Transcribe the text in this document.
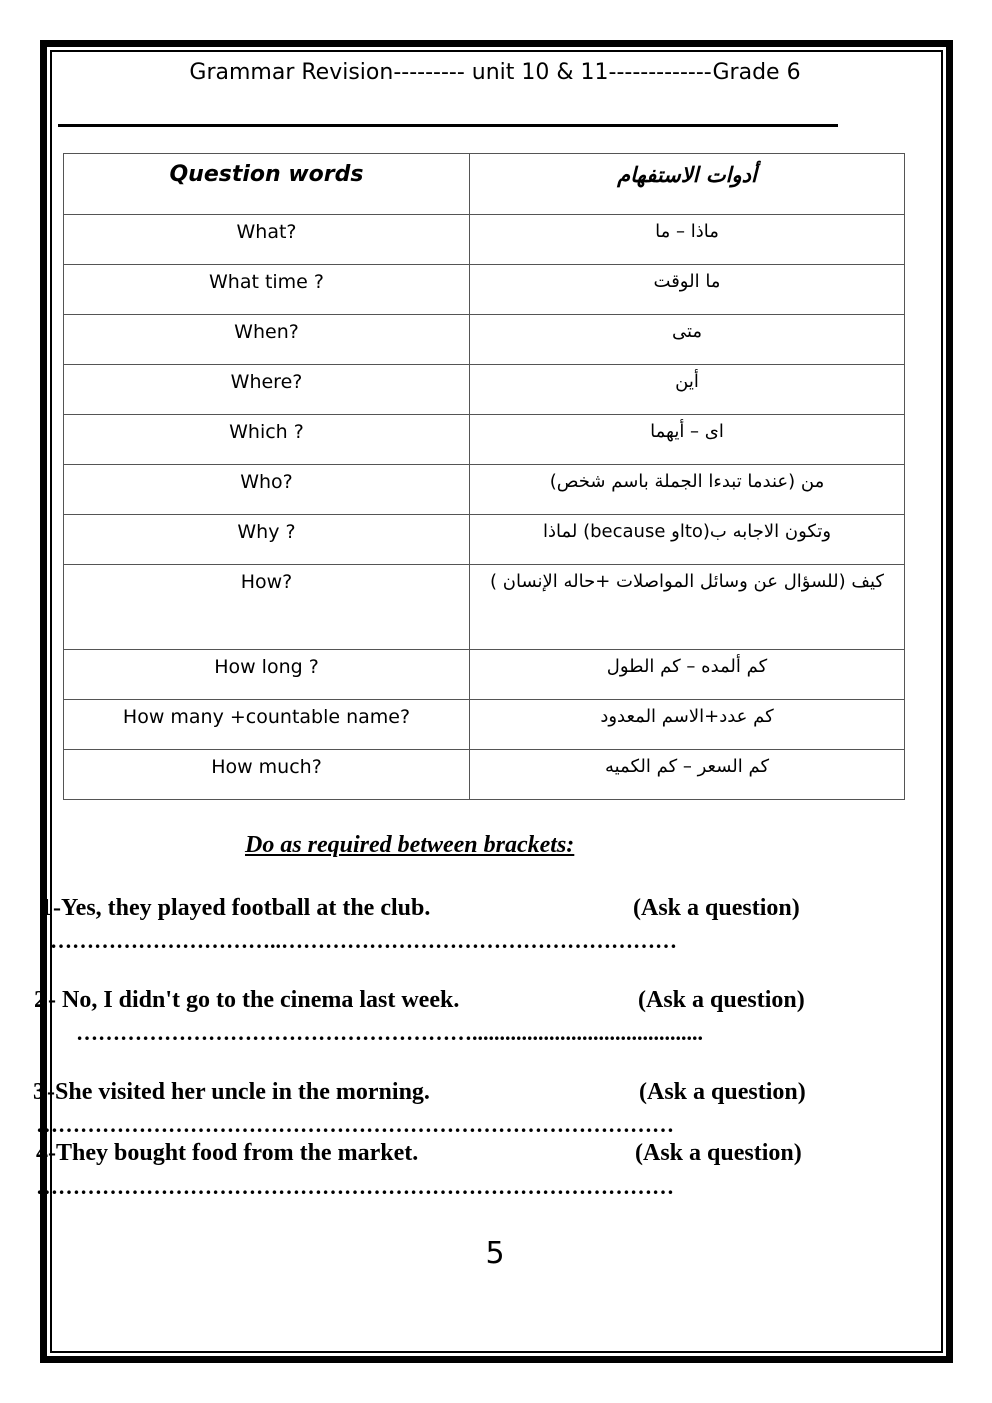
Grammar Revision--------- unit 10 & 11-------------Grade 6
Question words	أدوات الاستفهام
What?	ماذا – ما
What time ?	ما الوقت
When?	متى
Where?	أين
Which ?	اى – أيهما
Who?	من (عندما تبدءا الجملة باسم شخص)
Why ?	وتكون الاجابه ب(toاو because) لماذا
How?	كيف (للسؤال عن وسائل المواصلات +حاله الإنسان )
How long ?	كم ألمده – كم الطول
How many +countable name?	كم عدد+الاسم المعدود
How much?	كم السعر – كم الكميه
Do as required between brackets:
1 -Yes, they played football at the club.	(Ask a question)
…………………………..………………………………………………
2 - No, I didn't go to the cinema last week.	(Ask a question)
………………………………………………..........................................
3 -She visited her uncle in the morning.	(Ask a question)
……………………………………………………………………………
4 -They bought food from the market.	(Ask a question)
……………………………………………………………………………
5
